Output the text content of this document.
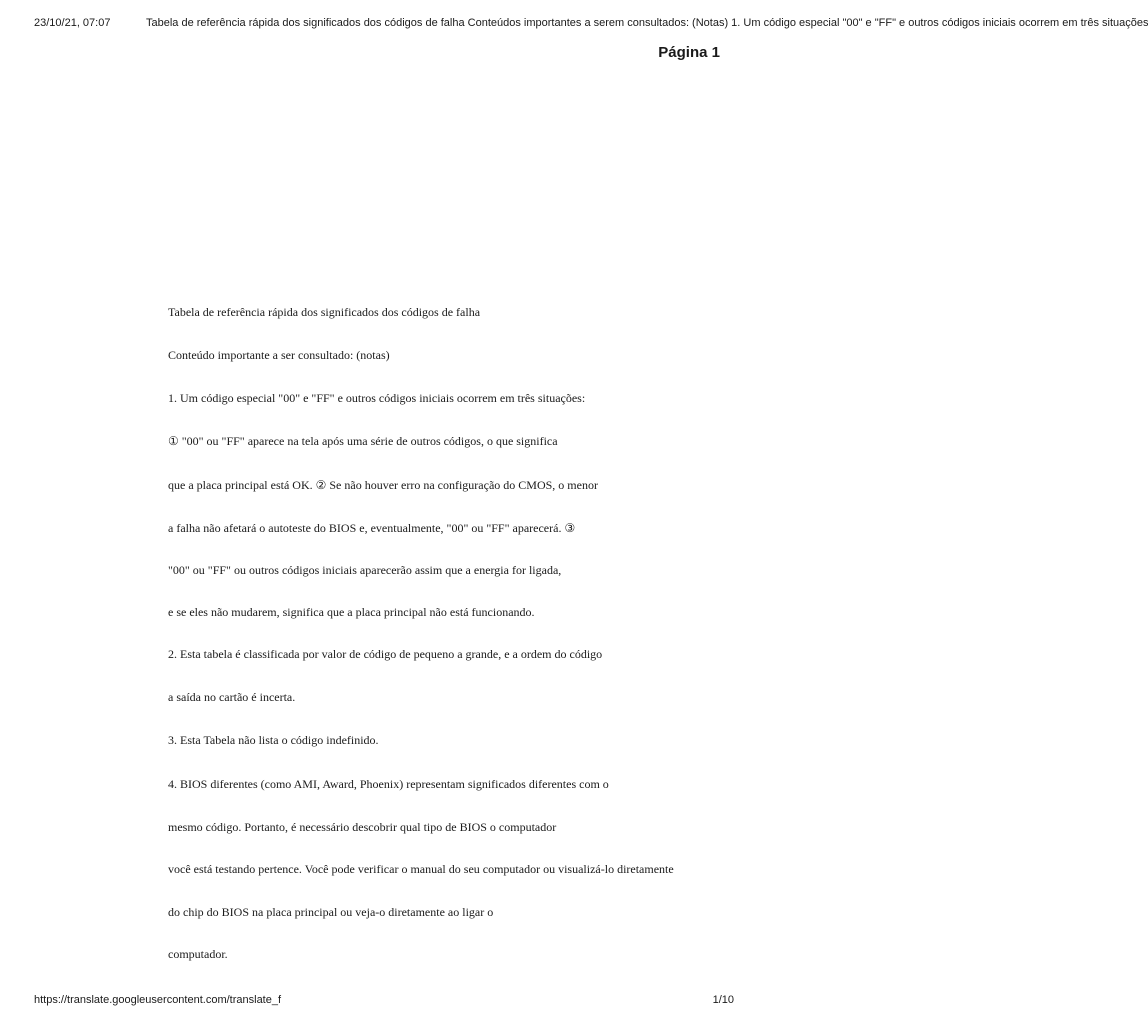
23/10/21, 07:07	Tabela de referência rápida dos significados dos códigos de falha Conteúdos importantes a serem consultados: (Notas) 1. Um código especial "00" e "FF" e outros códigos iniciais ocorrem em três situações
Página 1
Tabela de referência rápida dos significados dos códigos de falha
Conteúdo importante a ser consultado: (notas)
1. Um código especial "00" e "FF" e outros códigos iniciais ocorrem em três situações:
① "00" ou "FF" aparece na tela após uma série de outros códigos, o que significa
que a placa principal está OK. ② Se não houver erro na configuração do CMOS, o menor
a falha não afetará o autoteste do BIOS e, eventualmente, "00" ou "FF" aparecerá. ③
"00" ou "FF" ou outros códigos iniciais aparecerão assim que a energia for ligada,
e se eles não mudarem, significa que a placa principal não está funcionando.
2. Esta tabela é classificada por valor de código de pequeno a grande, e a ordem do código
a saída no cartão é incerta.
3. Esta Tabela não lista o código indefinido.
4. BIOS diferentes (como AMI, Award, Phoenix) representam significados diferentes com o
mesmo código. Portanto, é necessário descobrir qual tipo de BIOS o computador
você está testando pertence. Você pode verificar o manual do seu computador ou visualizá-lo diretamente
do chip do BIOS na placa principal ou veja-o diretamente ao ligar o
computador.
https://translate.googleusercontent.com/translate_f	1/10
